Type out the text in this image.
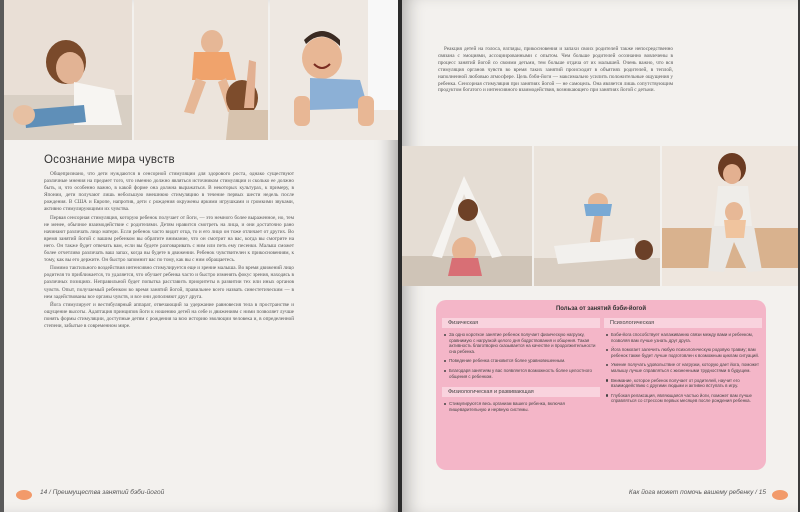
Осознание мира чувств

Общепризнано, что дети нуждаются в сенсорной стимуляции для здорового роста, однако существуют различные мнения на предмет того, что именно должно являться источником стимуляции и сколько ее должно быть, и, что особенно важно, в какой форме она должна выражаться. В некоторых культурах, к примеру, в Японии, дети получают лишь небольшую внешнюю стимуляцию в течение первых шести недель после рождения. В США и Европе, напротив, дети с рождения окружены яркими игрушками и громкими звуками, активно стимулирующими их чувства.

Первая сенсорная стимуляция, которую ребенок получает от йоги, — это немного более выраженное, но, тем не менее, обычное взаимодействие с родителями. Детям нравится смотреть на лица, и они достаточно рано начинают различать лицо матери. Если ребенок часто видит отца, то и его лицо он тоже отличает от других. Во время занятий йогой с вашим ребенком вы обратите внимание, что он смотрит на вас, когда вы смотрите на него. Он также будет отвечать вам, если вы будете разговаривать с ним или петь ему песенки. Малыш сможет более отчетливо различать ваш запах, когда вы будете в движении. Ребенок чувствителен к прикосновениям, к тому, как вы его держите. Он быстро запомнит вас по тому, как вы с ним обращаетесь.

Помимо тактильного воздействия интенсивно стимулируется еще и зрение малыша. Во время движений лицо родителя то приближается, то удаляется, что обучает ребенка часто и быстро изменять фокус зрения, находясь в различных позициях. Неправильной будет попытка расставить приоритеты в развитии тех или иных органов чувств. Опыт, получаемый ребенком во время занятий йогой, правильнее всего назвать синестетическим — в нем задействованы все органы чувств, и все они дополняют друг друга.

Йога стимулирует и вестибулярный аппарат, отвечающий за удержание равновесия тела в пространстве и ощущение высоты. Адаптация принципов йоги к ношению детей на себе и движениям с ними позволяет лучше понять формы стимуляции, доступные детям с рождения за всю историю эволюции человека и, в определенной степени, забытые в современном мире.

14 / Преимущества занятий бэби-йогой	Как йога может помочь вашему ребенку / 15
Реакция детей на голоса, взгляды, прикосновения и запахи своих родителей также непосредственно связана с эмоциями, ассоциированными с опытом. Чем больше родителей осознанно вовлечены в процесс занятий йогой со своими детьми, тем больше отдача от их малышей. Очень важно, что вся стимуляция органов чувств во время таких занятий происходит в объятиях родителей, в теплой, наполненной любовью атмосфере. Цель бэби-йоги — максимально усилить положительные ощущения у ребенка. Сенсорная стимуляция при занятиях йогой — не самоцель. Она является лишь сопутствующим продуктом богатого и интенсивного взаимодействия, возникающего при занятиях йогой с детьми.
Польза от занятий бэби-йогой
Физическая
За одно короткое занятие ребенок получает физическую нагрузку, сравнимую с нагрузкой целого дня бодрствования и общения. Такая активность благотворно сказывается на качестве и продолжительности сна ребенка.
Поведение ребенка становится более уравновешенным.
Благодаря занятиям у вас появляется возможность более целостного общения с ребенком.
Физиологическая и развивающая
Стимулируются весь организм вашего ребенка, включая пищеварительную и нервную системы.
Психологическая
Бэби-йога способствует налаживанию связи между вами и ребенком, позволяя вам лучше узнать друг друга.
Йога помогает залечить любую психологическую родовую травму; вам ребенок также будет лучше подготовлен к возможным циклам ситуаций.
Умение получать удовольствие от нагрузки, которую дает йога, поможет малышу лучше справляться с жизненными трудностями в будущем.
Внимание, которое ребенок получает от родителей, научит его взаимодействию с другими людьми и активно вступать в игру.
Глубокая релаксация, являющаяся частью йоги, поможет вам лучше справляться со стрессом первых месяцев после рождения ребенка.
